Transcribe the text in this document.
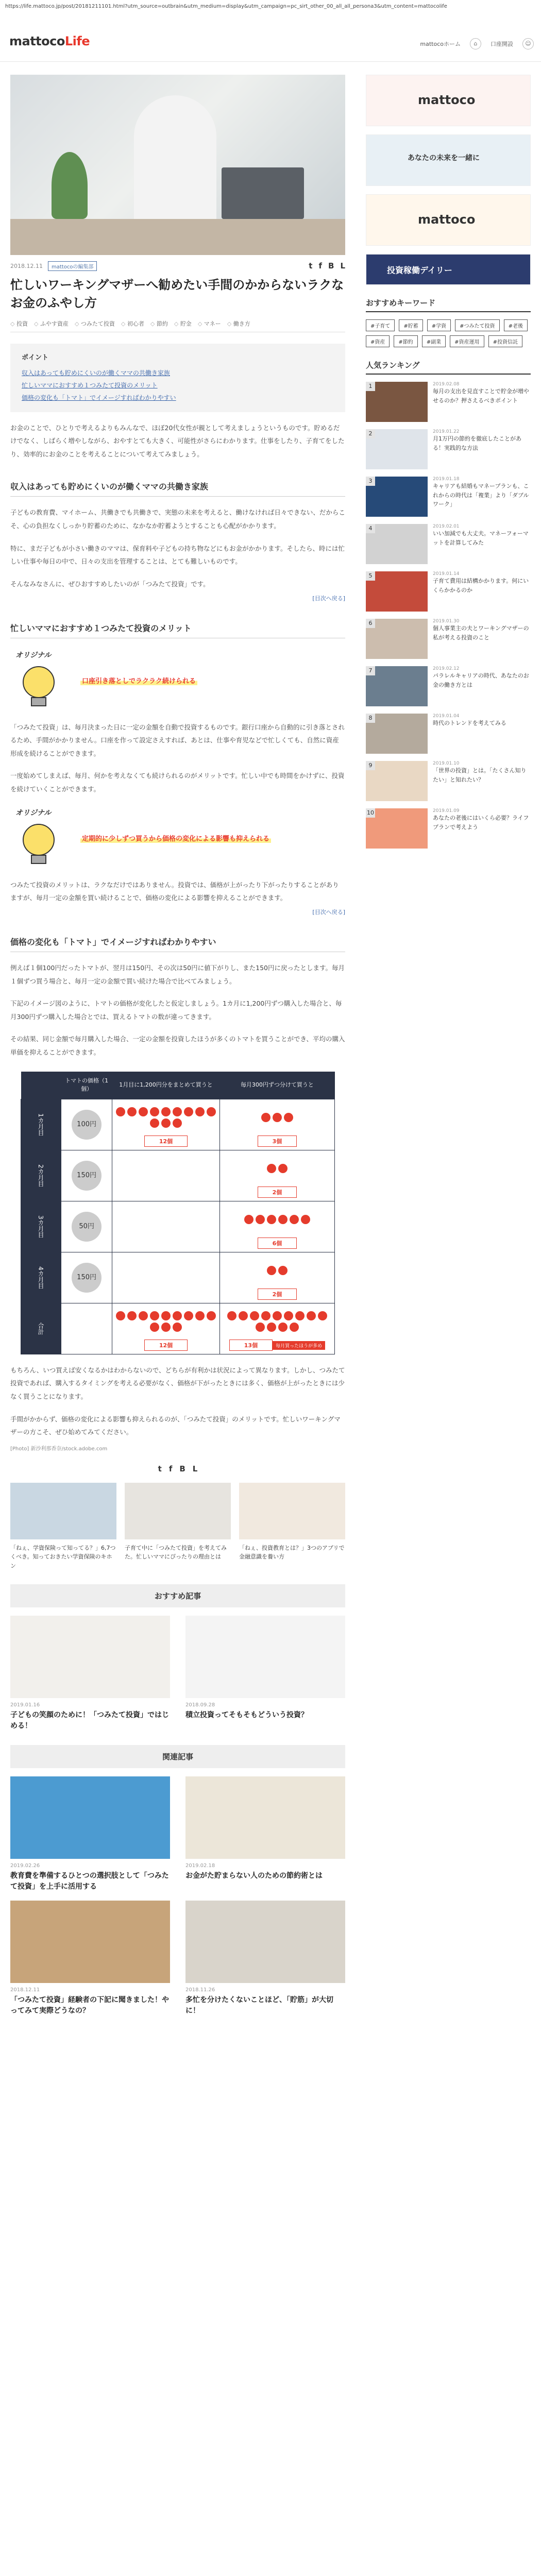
https://life.mattoco.jp/post/20181211101.html?utm_source=outbrain&utm_medium=display&utm_campaign=pc_sirt_other_00_all_all_persona3&utm_content=mattocolife
mattocoLife	mattocoホーム	⌂	口座開設	☺
2018.12.11	mattocoの編集部	t f B L
忙しいワーキングマザーへ勧めたい手間のかからないラクなお金のふやし方
◇ 投資	◇ ふやす資産	◇ つみたて投資	◇ 初心者	◇ 節約	◇ 貯金	◇ マネー	◇ 働き方
ポイント
収入はあっても貯めにくいのが働くママの共働き家族
忙しいママにおすすめ１つみたて投資のメリット
価格の変化も「トマト」でイメージすればわかりやすい

お金のことで、ひとりで考えるよりもみんなで、ほぼ20代女性が親として考えましょうというものです。貯めるだけでなく、しばらく増やしながら、おやすとても大きく、可能性がさらにわかります。仕事をしたり、子育てをしたり、効率的にお金のことを考えることについて考えてみましょう。

収入はあっても貯めにくいのが働くママの共働き家族

子どもの教育費、マイホーム、共働きでも共働きで、実態の未来を考えると、働けなければ日々できない、だからこそ、心の負担なくしっかり貯蓄のために、なかなか貯蓄ようとすることも心配がかかります。

特に、まだ子どもが小さい働きのママは、保育料や子どもの持ち物などにもお金がかかります。そしたら、時には忙しい仕事や毎日の中で、日々の支出を管理することは、とても難しいものです。

そんなみなさんに、ぜひおすすめしたいのが「つみたて投資」です。

[目次へ戻る]
忙しいママにおすすめ１つみたて投資のメリット
オリジナル
口座引き落としでラクラク続けられる

「つみたて投資」は、毎月決まった日に一定の金額を自動で投資するものです。銀行口座から自動的に引き落とされるため、手間がかかりません。口座を作って設定さえすれば、あとは、仕事や育児などで忙しくても、自然に資産形成を続けることができます。

一度始めてしまえば、毎月、何かを考えなくても続けられるのがメリットです。忙しい中でも時間をかけずに、投資を続けていくことができます。

オリジナル
定期的に少しずつ買うから価格の変化による影響も抑えられる

つみたて投資のメリットは、ラクなだけではありません。投資では、価格が上がったり下がったりすることがありますが、毎月一定の金額を買い続けることで、価格の変化による影響を抑えることができます。

[目次へ戻る]
価格の変化も「トマト」でイメージすればわかりやすい

例えば１個100円だったトマトが、翌月は150円、その次は50円に値下がりし、また150円に戻ったとします。毎月１個ずつ買う場合と、毎月一定の金額で買い続けた場合で比べてみましょう。

下記のイメージ図のように、トマトの価格が変化したと仮定しましょう。1カ月に1,200円ずつ購入した場合と、毎月300円ずつ購入した場合とでは、買えるトマトの数が違ってきます。

その結果、同じ金額で毎月購入した場合、一定の金額を投資したほうが多くのトマトを買うことができ、平均の購入単価を抑えることができます。

	トマトの価格（1個）	1月目に1,200円分をまとめて買うと	毎月300円ずつ分けて買うと
1カ月目	100円	12個	3個
2カ月目	150円		2個
3カ月目	50円		6個
4カ月目	150円		2個
合計		12個	13個 毎月買ったほうが多め

もちろん、いつ買えば安くなるかはわからないので、どちらが有利かは状況によって異なります。しかし、つみたて投資であれば、購入するタイミングを考える必要がなく、価格が下がったときには多く、価格が上がったときには少なく買うことになります。

手間がかからず、価格の変化による影響も抑えられるのが、「つみたて投資」のメリットです。忙しいワーキングマザーの方こそ、ぜひ始めてみてください。

[Photo] 新沙利那香奈/stock.adobe.com
t f B L
「ねぇ、学資保険って知ってる？」6,7つくべき。知っておきたい学資保険のキホン
子育て中に「つみたて投資」を考えてみた。忙しいママにぴったりの理由とは
「ねぇ、投資教育とは？」3つのアプリで金融意識を養い方
おすすめ記事
2019.01.16
子どもの笑顔のために！「つみたて投資」ではじめる！
2018.09.28
積立投資ってそもそもどういう投資？
関連記事
2019.02.26
教育費を準備するひとつの選択肢として「つみたて投資」を上手に活用する
2019.02.18
お金がた貯まらない人のための節約術とは
2018.12.11
「つみたて投資」経験者の下記に聞きました！やってみて実際どうなの？
2018.11.26
多忙を分けたくないことほど、「貯筋」が大切に！
mattoco
あなたの未来を一緒に
mattoco
投資稼働デイリー
おすすめキーワード
#子育て	#貯蓄	#学資	#つみたて投資	#老後
#資産	#節約	#副業	#資産運用	#投資信託
人気ランキング
1	2019.02.08
毎月の支出を見直すことで貯金が増やせるのか？押さえるべきポイント
2	2019.01.22
月1万円の節約を徹底したことがある！実践的な方法
3	2019.01.18
キャリアも結婚もマネープランも、これからの時代は「複業」より「ダブルワーク」
4	2019.02.01
いい加減でも大丈夫。マネーフォーマットを計算してみた
5	2019.01.14
子育て費用は結構かかります。何にいくらかかるのか
6	2019.01.30
個人事業主の夫とワーキングマザーの私が考える投資のこと
7	2019.02.12
パラレルキャリアの時代、あなたのお金の働き方とは
8	2019.01.04
時代のトレンドを考えてみる
9	2019.01.10
「世界の投資」とは。「たくさん知りたい」と知れたい？
10	2019.01.09
あなたの老後にはいくら必要？ライフプランで考えよう
